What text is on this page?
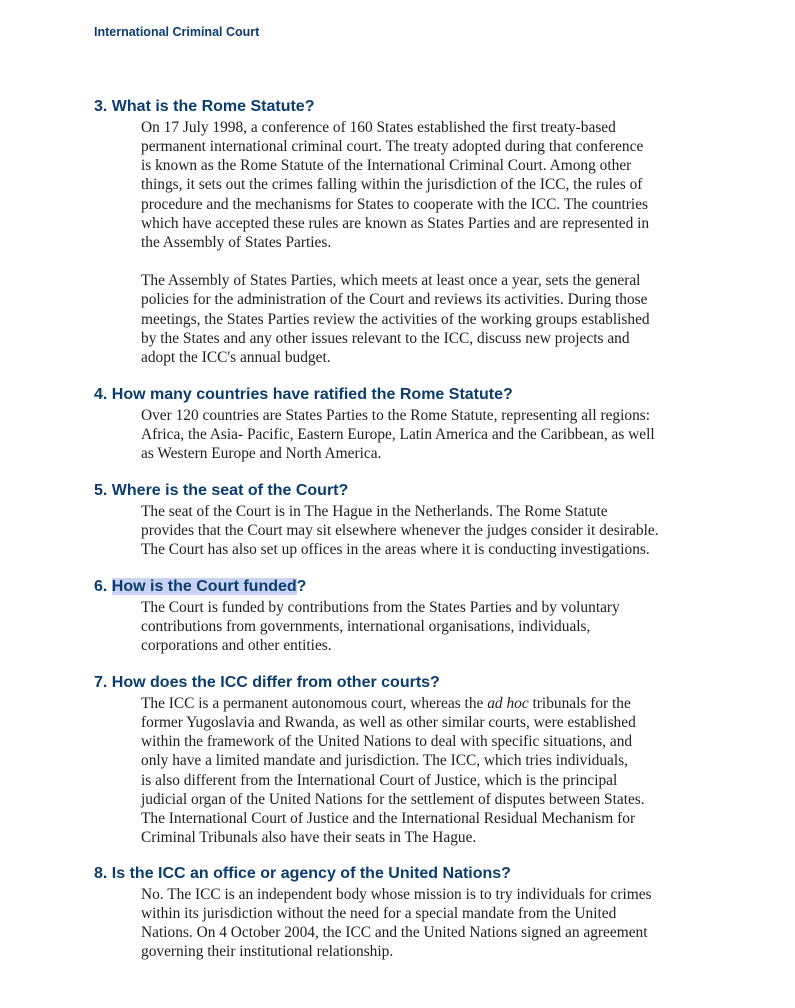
International Criminal Court
3. What is the Rome Statute?

On 17 July 1998, a conference of 160 States established the first treaty-based
permanent international criminal court. The treaty adopted during that conference
is known as the Rome Statute of the International Criminal Court. Among other
things, it sets out the crimes falling within the jurisdiction of the ICC, the rules of
procedure and the mechanisms for States to cooperate with the ICC. The countries
which have accepted these rules are known as States Parties and are represented in
the Assembly of States Parties.

The Assembly of States Parties, which meets at least once a year, sets the general
policies for the administration of the Court and reviews its activities. During those
meetings, the States Parties review the activities of the working groups established
by the States and any other issues relevant to the ICC, discuss new projects and
adopt the ICC's annual budget.

4. How many countries have ratified the Rome Statute?

Over 120 countries are States Parties to the Rome Statute, representing all regions:
Africa, the Asia- Pacific, Eastern Europe, Latin America and the Caribbean, as well
as Western Europe and North America.

5. Where is the seat of the Court?

The seat of the Court is in The Hague in the Netherlands. The Rome Statute
provides that the Court may sit elsewhere whenever the judges consider it desirable.
The Court has also set up offices in the areas where it is conducting investigations.

6. How is the Court funded?

The Court is funded by contributions from the States Parties and by voluntary
contributions from governments, international organisations, individuals,
corporations and other entities.

7. How does the ICC differ from other courts?

The ICC is a permanent autonomous court, whereas the ad hoc tribunals for the
former Yugoslavia and Rwanda, as well as other similar courts, were established
within the framework of the United Nations to deal with specific situations, and
only have a limited mandate and jurisdiction. The ICC, which tries individuals,
is also different from the International Court of Justice, which is the principal
judicial organ of the United Nations for the settlement of disputes between States.
The International Court of Justice and the International Residual Mechanism for
Criminal Tribunals also have their seats in The Hague.

8. Is the ICC an office or agency of the United Nations?

No. The ICC is an independent body whose mission is to try individuals for crimes
within its jurisdiction without the need for a special mandate from the United
Nations. On 4 October 2004, the ICC and the United Nations signed an agreement
governing their institutional relationship.
